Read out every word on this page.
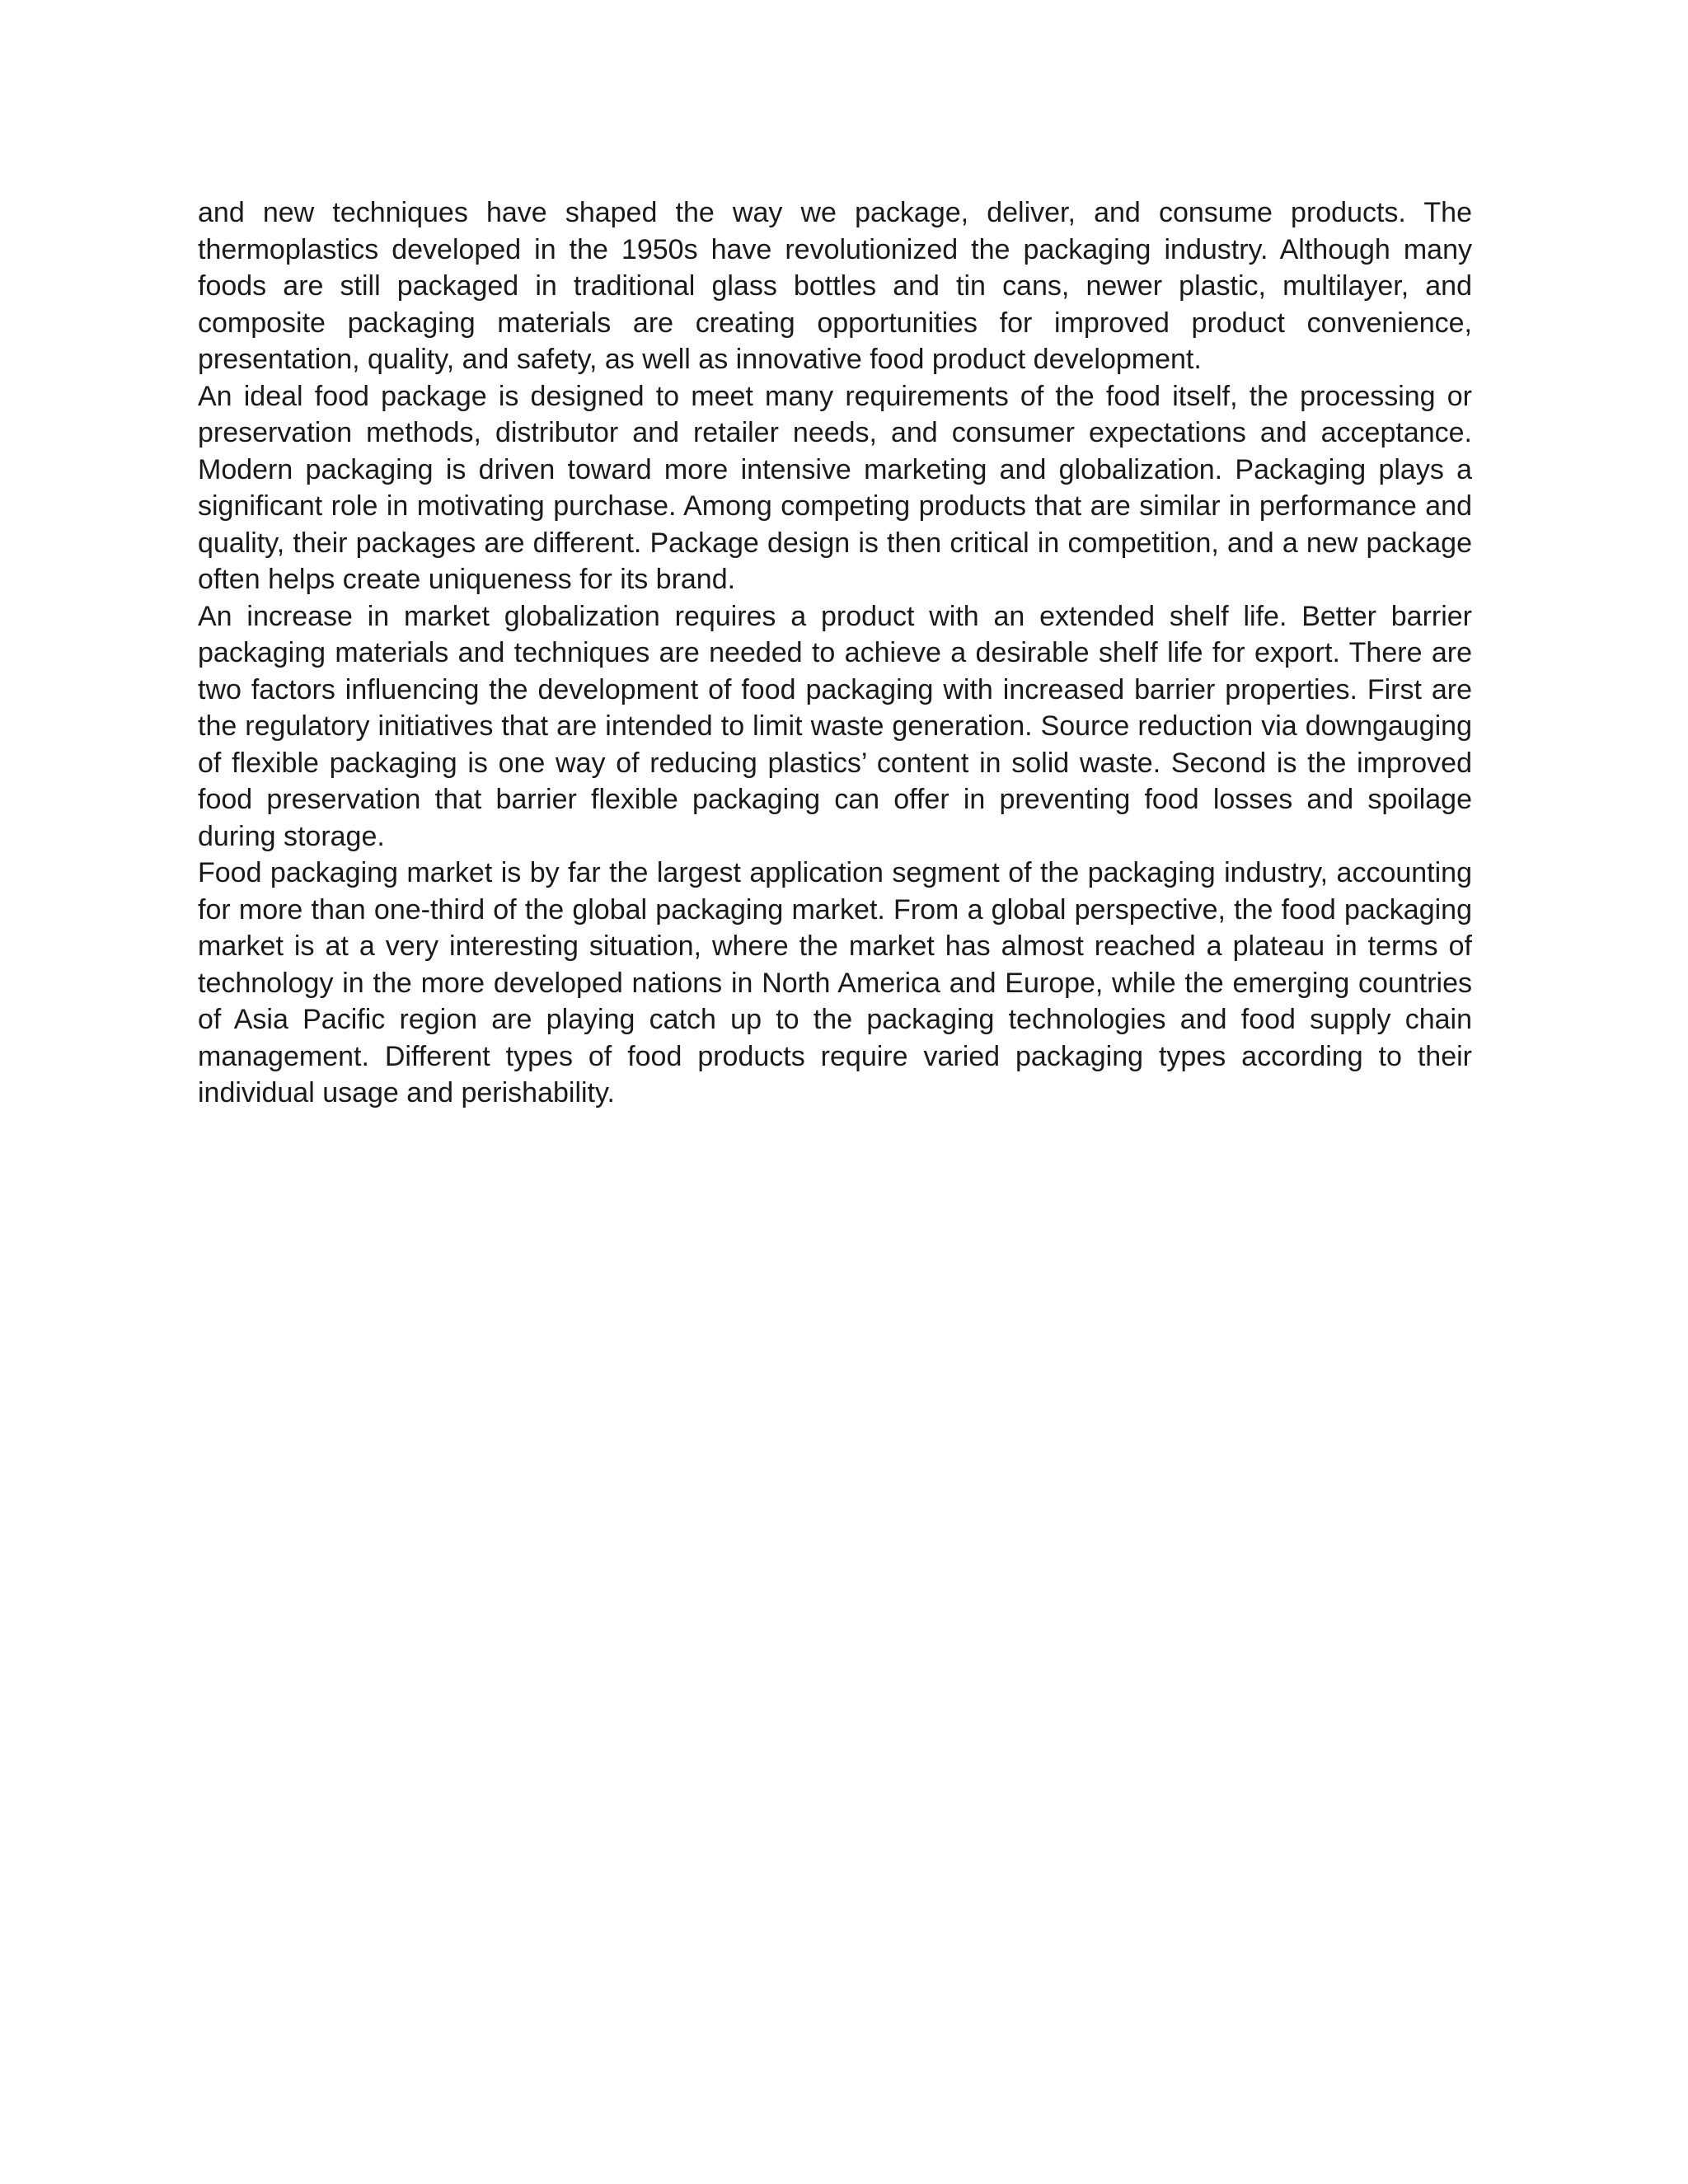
and new techniques have shaped the way we package, deliver, and consume products. The thermoplastics developed in the 1950s have revolutionized the packaging industry. Although many foods are still packaged in traditional glass bottles and tin cans, newer plastic, multilayer, and composite packaging materials are creating opportunities for improved product convenience, presentation, quality, and safety, as well as innovative food product development.

An ideal food package is designed to meet many requirements of the food itself, the processing or preservation methods, distributor and retailer needs, and consumer expectations and acceptance. Modern packaging is driven toward more intensive marketing and globalization. Packaging plays a significant role in motivating purchase. Among competing products that are similar in performance and quality, their packages are different. Package design is then critical in competition, and a new package often helps create uniqueness for its brand.

An increase in market globalization requires a product with an extended shelf life. Better barrier packaging materials and techniques are needed to achieve a desirable shelf life for export. There are two factors influencing the development of food packaging with increased barrier properties. First are the regulatory initiatives that are intended to limit waste generation. Source reduction via downgauging of flexible packaging is one way of reducing plastics’ content in solid waste. Second is the improved food preservation that barrier flexible packaging can offer in preventing food losses and spoilage during storage.

Food packaging market is by far the largest application segment of the packaging industry, accounting for more than one-third of the global packaging market. From a global perspective, the food packaging market is at a very interesting situation, where the market has almost reached a plateau in terms of technology in the more developed nations in North America and Europe, while the emerging countries of Asia Pacific region are playing catch up to the packaging technologies and food supply chain management. Different types of food products require varied packaging types according to their individual usage and perishability.
